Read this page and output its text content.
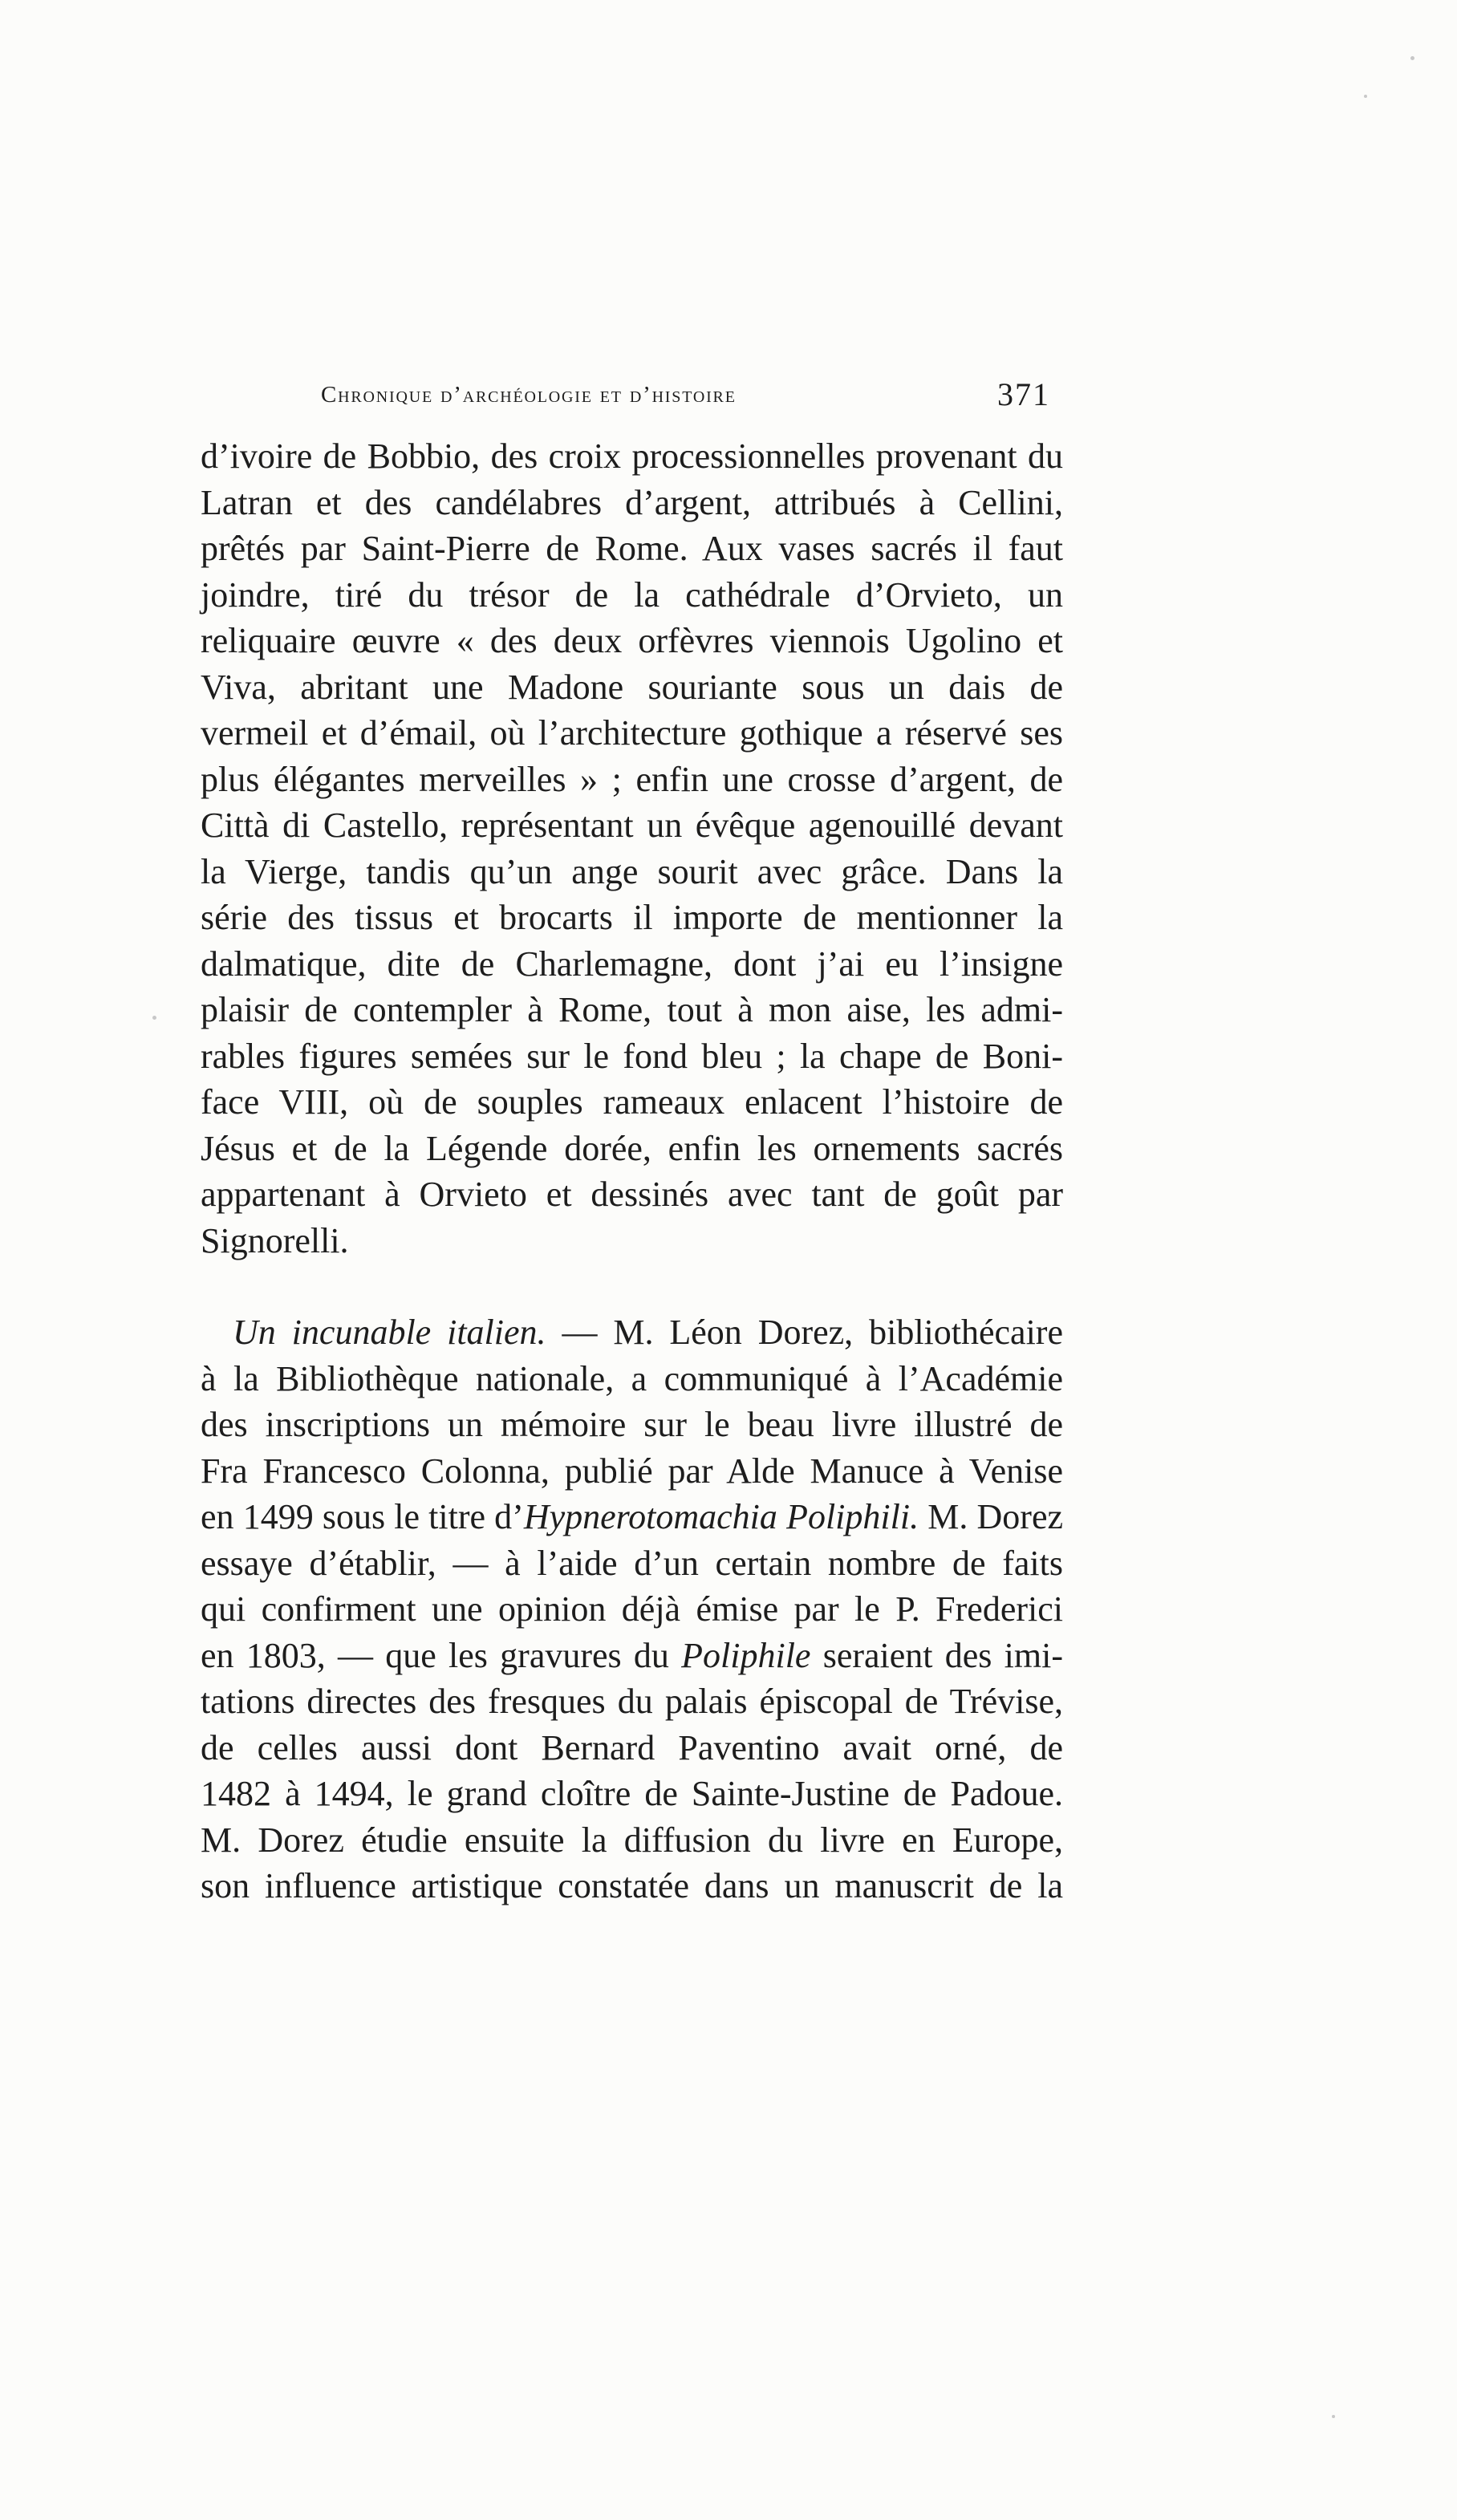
Chronique d’archéologie et d’histoire	371
d’ivoire de Bobbio, des croix processionnelles provenant du
Latran et des candélabres d’argent, attribués à Cellini,
prêtés par Saint-Pierre de Rome. Aux vases sacrés il faut
joindre, tiré du trésor de la cathédrale d’Orvieto, un
reliquaire œuvre « des deux orfèvres viennois Ugolino et
Viva, abritant une Madone souriante sous un dais de
vermeil et d’émail, où l’architecture gothique a réservé ses
plus élégantes merveilles » ; enfin une crosse d’argent, de
Città di Castello, représentant un évêque agenouillé devant
la Vierge, tandis qu’un ange sourit avec grâce. Dans la
série des tissus et brocarts il importe de mentionner la
dalmatique, dite de Charlemagne, dont j’ai eu l’insigne
plaisir de contempler à Rome, tout à mon aise, les admi-
rables figures semées sur le fond bleu ; la chape de Boni-
face VIII, où de souples rameaux enlacent l’histoire de
Jésus et de la Légende dorée, enfin les ornements sacrés
appartenant à Orvieto et dessinés avec tant de goût par
Signorelli.
Un incunable italien. — M. Léon Dorez, bibliothécaire
à la Bibliothèque nationale, a communiqué à l’Académie
des inscriptions un mémoire sur le beau livre illustré de
Fra Francesco Colonna, publié par Alde Manuce à Venise
en 1499 sous le titre d’Hypnerotomachia Poliphili. M. Dorez
essaye d’établir, — à l’aide d’un certain nombre de faits
qui confirment une opinion déjà émise par le P. Frederici
en 1803, — que les gravures du Poliphile seraient des imi-
tations directes des fresques du palais épiscopal de Trévise,
de celles aussi dont Bernard Paventino avait orné, de
1482 à 1494, le grand cloître de Sainte-Justine de Padoue.
M. Dorez étudie ensuite la diffusion du livre en Europe,
son influence artistique constatée dans un manuscrit de la
